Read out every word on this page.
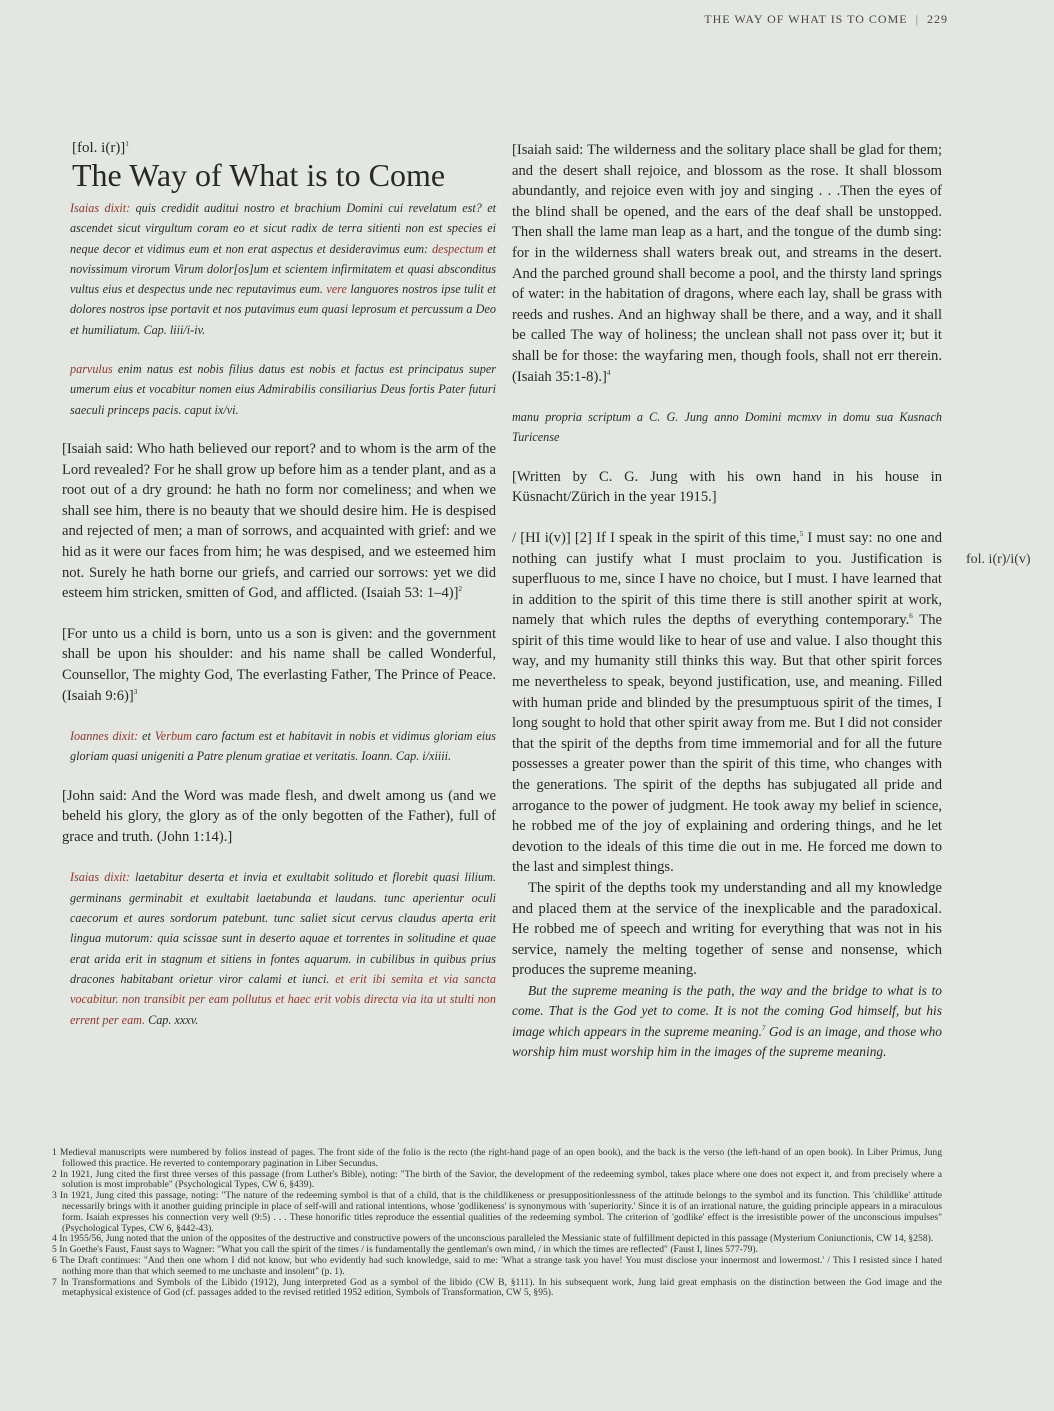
THE WAY OF WHAT IS TO COME | 229
[fol. i(r)]$^1$
The Way of What is to Come

Isaias dixit: quis credidit auditui nostro et brachium Domini cui revelatum est? et ascendet sicut virgultum coram eo et sicut radix de terra sitienti non est species ei neque decor et vidimus eum et non erat aspectus et desideravimus eum: despectum et novissimum virorum Virum dolor[os]um et scientem infirmitatem et quasi absconditus vultus eius et despectus unde nec reputavimus eum. vere languores nostros ipse tulit et dolores nostros ipse portavit et nos putavimus eum quasi leprosum et percussum a Deo et humiliatum. Cap. liii/i-iv.

parvulus enim natus est nobis filius datus est nobis et factus est principatus super umerum eius et vocabitur nomen eius Admirabilis consiliarius Deus fortis Pater futuri saeculi princeps pacis. caput ix/vi.

[Isaiah said: Who hath believed our report? and to whom is the arm of the Lord revealed? For he shall grow up before him as a tender plant, and as a root out of a dry ground: he hath no form nor comeliness; and when we shall see him, there is no beauty that we should desire him. He is despised and rejected of men; a man of sorrows, and acquainted with grief: and we hid as it were our faces from him; he was despised, and we esteemed him not. Surely he hath borne our griefs, and carried our sorrows: yet we did esteem him stricken, smitten of God, and afflicted. (Isaiah 53: 1–4)]$^2$

[For unto us a child is born, unto us a son is given: and the government shall be upon his shoulder: and his name shall be called Wonderful, Counsellor, The mighty God, The everlasting Father, The Prince of Peace. (Isaiah 9:6)]$^3$

Ioannes dixit: et Verbum caro factum est et habitavit in nobis et vidimus gloriam eius gloriam quasi unigeniti a Patre plenum gratiae et veritatis. Ioann. Cap. i/xiiii.

[John said: And the Word was made flesh, and dwelt among us (and we beheld his glory, the glory as of the only begotten of the Father), full of grace and truth. (John 1:14).]

Isaias dixit: laetabitur deserta et invia et exultabit solitudo et florebit quasi lilium. germinans germinabit et exultabit laetabunda et laudans. tunc aperientur oculi caecorum et aures sordorum patebunt. tunc saliet sicut cervus claudus aperta erit lingua mutorum: quia scissae sunt in deserto aquae et torrentes in solitudine et quae erat arida erit in stagnum et sitiens in fontes aquarum. in cubilibus in quibus prius dracones habitabant orietur viror calami et iunci. et erit ibi semita et via sancta vocabitur. non transibit per eam pollutus et haec erit vobis directa via ita ut stulti non errent per eam. Cap. xxxv.

[Isaiah said: The wilderness and the solitary place shall be glad for them; and the desert shall rejoice, and blossom as the rose. It shall blossom abundantly, and rejoice even with joy and singing . . .Then the eyes of the blind shall be opened, and the ears of the deaf shall be unstopped. Then shall the lame man leap as a hart, and the tongue of the dumb sing: for in the wilderness shall waters break out, and streams in the desert. And the parched ground shall become a pool, and the thirsty land springs of water: in the habitation of dragons, where each lay, shall be grass with reeds and rushes. And an highway shall be there, and a way, and it shall be called The way of holiness; the unclean shall not pass over it; but it shall be for those: the wayfaring men, though fools, shall not err therein. (Isaiah 35:1-8).]$^4$

manu propria scriptum a C. G. Jung anno Domini mcmxv in domu sua Kusnach Turicense

[Written by C. G. Jung with his own hand in his house in Küsnacht/Zürich in the year 1915.]

/ [HI i(v)] [2] If I speak in the spirit of this time,$^5$ I must say: no one and nothing can justify what I must proclaim to you. Justification is superfluous to me, since I have no choice, but I must. I have learned that in addition to the spirit of this time there is still another spirit at work, namely that which rules the depths of everything contemporary.$^6$ The spirit of this time would like to hear of use and value. I also thought this way, and my humanity still thinks this way. But that other spirit forces me nevertheless to speak, beyond justification, use, and meaning. Filled with human pride and blinded by the presumptuous spirit of the times, I long sought to hold that other spirit away from me. But I did not consider that the spirit of the depths from time immemorial and for all the future possesses a greater power than the spirit of this time, who changes with the generations. The spirit of the depths has subjugated all pride and arrogance to the power of judgment. He took away my belief in science, he robbed me of the joy of explaining and ordering things, and he let devotion to the ideals of this time die out in me. He forced me down to the last and simplest things.

The spirit of the depths took my understanding and all my knowledge and placed them at the service of the inexplicable and the paradoxical. He robbed me of speech and writing for everything that was not in his service, namely the melting together of sense and nonsense, which produces the supreme meaning.

But the supreme meaning is the path, the way and the bridge to what is to come. That is the God yet to come. It is not the coming God himself, but his image which appears in the supreme meaning.$^7$ God is an image, and those who worship him must worship him in the images of the supreme meaning.

fol. i(r)/i(v)

1 Medieval manuscripts were numbered by folios instead of pages. The front side of the folio is the recto (the right-hand page of an open book), and the back is the verso (the left-hand of an open book). In Liber Primus, Jung followed this practice. He reverted to contemporary pagination in Liber Secundus.

2 In 1921, Jung cited the first three verses of this passage (from Luther's Bible), noting: "The birth of the Savior, the development of the redeeming symbol, takes place where one does not expect it, and from precisely where a solution is most improbable" (Psychological Types, CW 6, §439).

3 In 1921, Jung cited this passage, noting: "The nature of the redeeming symbol is that of a child, that is the childlikeness or presuppositionlessness of the attitude belongs to the symbol and its function. This 'childlike' attitude necessarily brings with it another guiding principle in place of self-will and rational intentions, whose 'godlikeness' is synonymous with 'superiority.' Since it is of an irrational nature, the guiding principle appears in a miraculous form. Isaiah expresses his connection very well (9:5) . . . These honorific titles reproduce the essential qualities of the redeeming symbol. The criterion of 'godlike' effect is the irresistible power of the unconscious impulses" (Psychological Types, CW 6, §442-43).

4 In 1955/56, Jung noted that the union of the opposites of the destructive and constructive powers of the unconscious paralleled the Messianic state of fulfillment depicted in this passage (Mysterium Coniunctionis, CW 14, §258).

5 In Goethe's Faust, Faust says to Wagner: "What you call the spirit of the times / is fundamentally the gentleman's own mind, / in which the times are reflected" (Faust I, lines 577-79).

6 The Draft continues: "And then one whom I did not know, but who evidently had such knowledge, said to me: 'What a strange task you have! You must disclose your innermost and lowermost.' / This I resisted since I hated nothing more than that which seemed to me unchaste and insolent" (p. 1).

7 In Transformations and Symbols of the Libido (1912), Jung interpreted God as a symbol of the libido (CW B, §111). In his subsequent work, Jung laid great emphasis on the distinction between the God image and the metaphysical existence of God (cf. passages added to the revised retitled 1952 edition, Symbols of Transformation, CW 5, §95).
